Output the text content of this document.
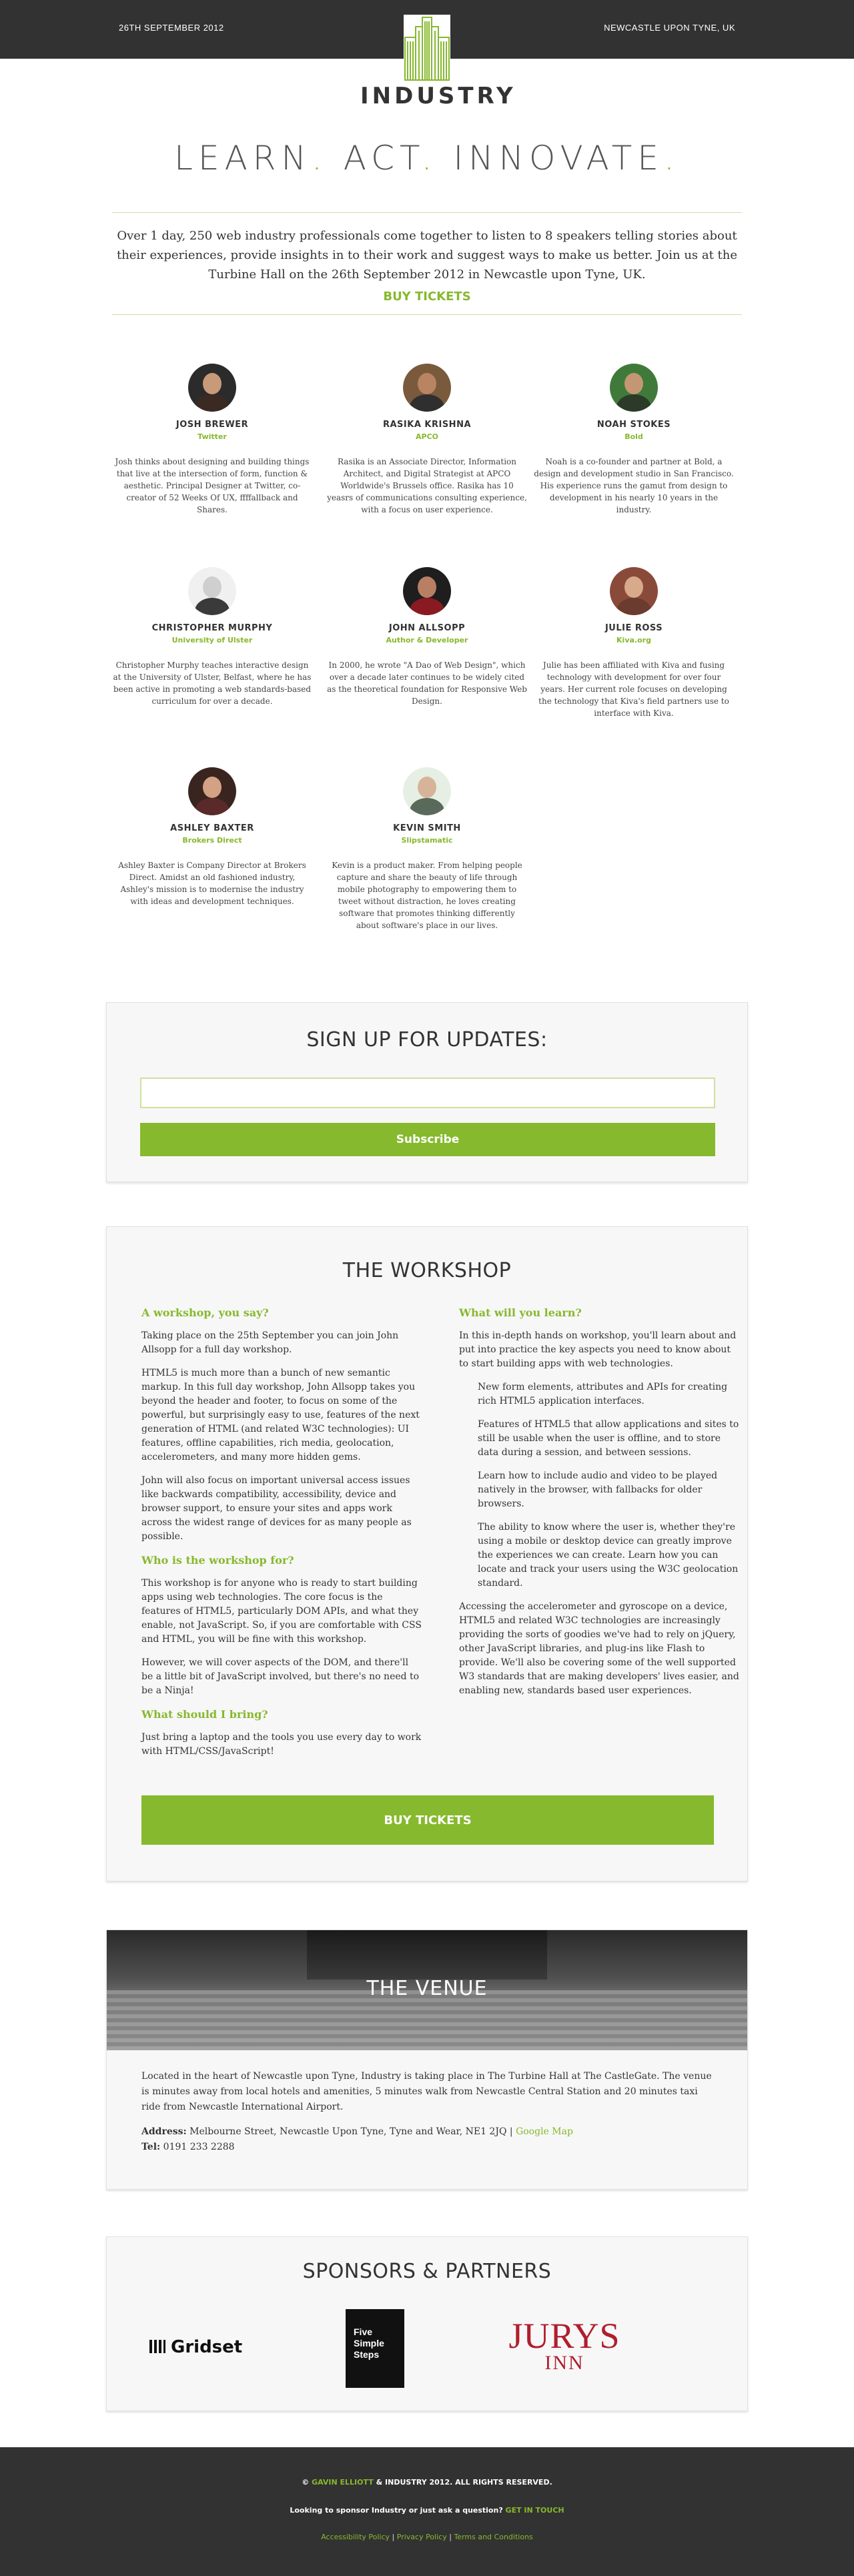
26TH SEPTEMBER 2012	NEWCASTLE UPON TYNE, UK
INDUSTRY
LEARN. ACT. INNOVATE.

Over 1 day, 250 web industry professionals come together to listen to 8 speakers telling stories about their experiences, provide insights in to their work and suggest ways to make us better. Join us at the Turbine Hall on the 26th September 2012 in Newcastle upon Tyne, UK.

BUY TICKETS
JOSH BREWER
Twitter
Josh thinks about designing and building things that live at the intersection of form, function & aesthetic. Principal Designer at Twitter, co-creator of 52 Weeks Of UX, ffffallback and Shares.
RASIKA KRISHNA
APCO
Rasika is an Associate Director, Information Architect, and Digital Strategist at APCO Worldwide's Brussels office. Rasika has 10 yeasrs of communications consulting experience, with a focus on user experience.
NOAH STOKES
Bold
Noah is a co-founder and partner at Bold, a design and development studio in San Francisco. His experience runs the gamut from design to development in his nearly 10 years in the industry.
CHRISTOPHER MURPHY
University of Ulster
Christopher Murphy teaches interactive design at the University of Ulster, Belfast, where he has been active in promoting a web standards-based curriculum for over a decade.
JOHN ALLSOPP
Author & Developer
In 2000, he wrote "A Dao of Web Design", which over a decade later continues to be widely cited as the theoretical foundation for Responsive Web Design.
JULIE ROSS
Kiva.org
Julie has been affiliated with Kiva and fusing technology with development for over four years. Her current role focuses on developing the technology that Kiva's field partners use to interface with Kiva.
ASHLEY BAXTER
Brokers Direct
Ashley Baxter is Company Director at Brokers Direct. Amidst an old fashioned industry, Ashley's mission is to modernise the industry with ideas and development techniques.
KEVIN SMITH
Slipstamatic
Kevin is a product maker. From helping people capture and share the beauty of life through mobile photography to empowering them to tweet without distraction, he loves creating software that promotes thinking differently about software's place in our lives.
SIGN UP FOR UPDATES:
Subscribe
THE WORKSHOP
A workshop, you say?

Taking place on the 25th September you can join John Allsopp for a full day workshop.

HTML5 is much more than a bunch of new semantic markup. In this full day workshop, John Allsopp takes you beyond the header and footer, to focus on some of the powerful, but surprisingly easy to use, features of the next generation of HTML (and related W3C technologies): UI features, offline capabilities, rich media, geolocation, accelerometers, and many more hidden gems.

John will also focus on important universal access issues like backwards compatibility, accessibility, device and browser support, to ensure your sites and apps work across the widest range of devices for as many people as possible.

Who is the workshop for?

This workshop is for anyone who is ready to start building apps using web technologies. The core focus is the features of HTML5, particularly DOM APIs, and what they enable, not JavaScript. So, if you are comfortable with CSS and HTML, you will be fine with this workshop.

However, we will cover aspects of the DOM, and there'll be a little bit of JavaScript involved, but there's no need to be a Ninja!

What should I bring?

Just bring a laptop and the tools you use every day to work with HTML/CSS/JavaScript!

What will you learn?

In this in-depth hands on workshop, you'll learn about and put into practice the key aspects you need to know about to start building apps with web technologies.

New form elements, attributes and APIs for creating rich HTML5 application interfaces.
Features of HTML5 that allow applications and sites to still be usable when the user is offline, and to store data during a session, and between sessions.
Learn how to include audio and video to be played natively in the browser, with fallbacks for older browsers.
The ability to know where the user is, whether they're using a mobile or desktop device can greatly improve the experiences we can create. Learn how you can locate and track your users using the W3C geolocation standard.

Accessing the accelerometer and gyroscope on a device, HTML5 and related W3C technologies are increasingly providing the sorts of goodies we've had to rely on jQuery, other JavaScript libraries, and plug-ins like Flash to provide. We'll also be covering some of the well supported W3 standards that are making developers' lives easier, and enabling new, standards based user experiences.

BUY TICKETS
THE VENUE

Located in the heart of Newcastle upon Tyne, Industry is taking place in The Turbine Hall at The CastleGate. The venue is minutes away from local hotels and amenities, 5 minutes walk from Newcastle Central Station and 20 minutes taxi ride from Newcastle International Airport.

Address: Melbourne Street, Newcastle Upon Tyne, Tyne and Wear, NE1 2JQ | Google Map
Tel: 0191 233 2288
SPONSORS & PARTNERS
Gridset
Five
Simple
Steps	JURYS
INN
© GAVIN ELLIOTT & INDUSTRY 2012. ALL RIGHTS RESERVED.
Looking to sponsor Industry or just ask a question? GET IN TOUCH
Accessibility Policy | Privacy Policy | Terms and Conditions
